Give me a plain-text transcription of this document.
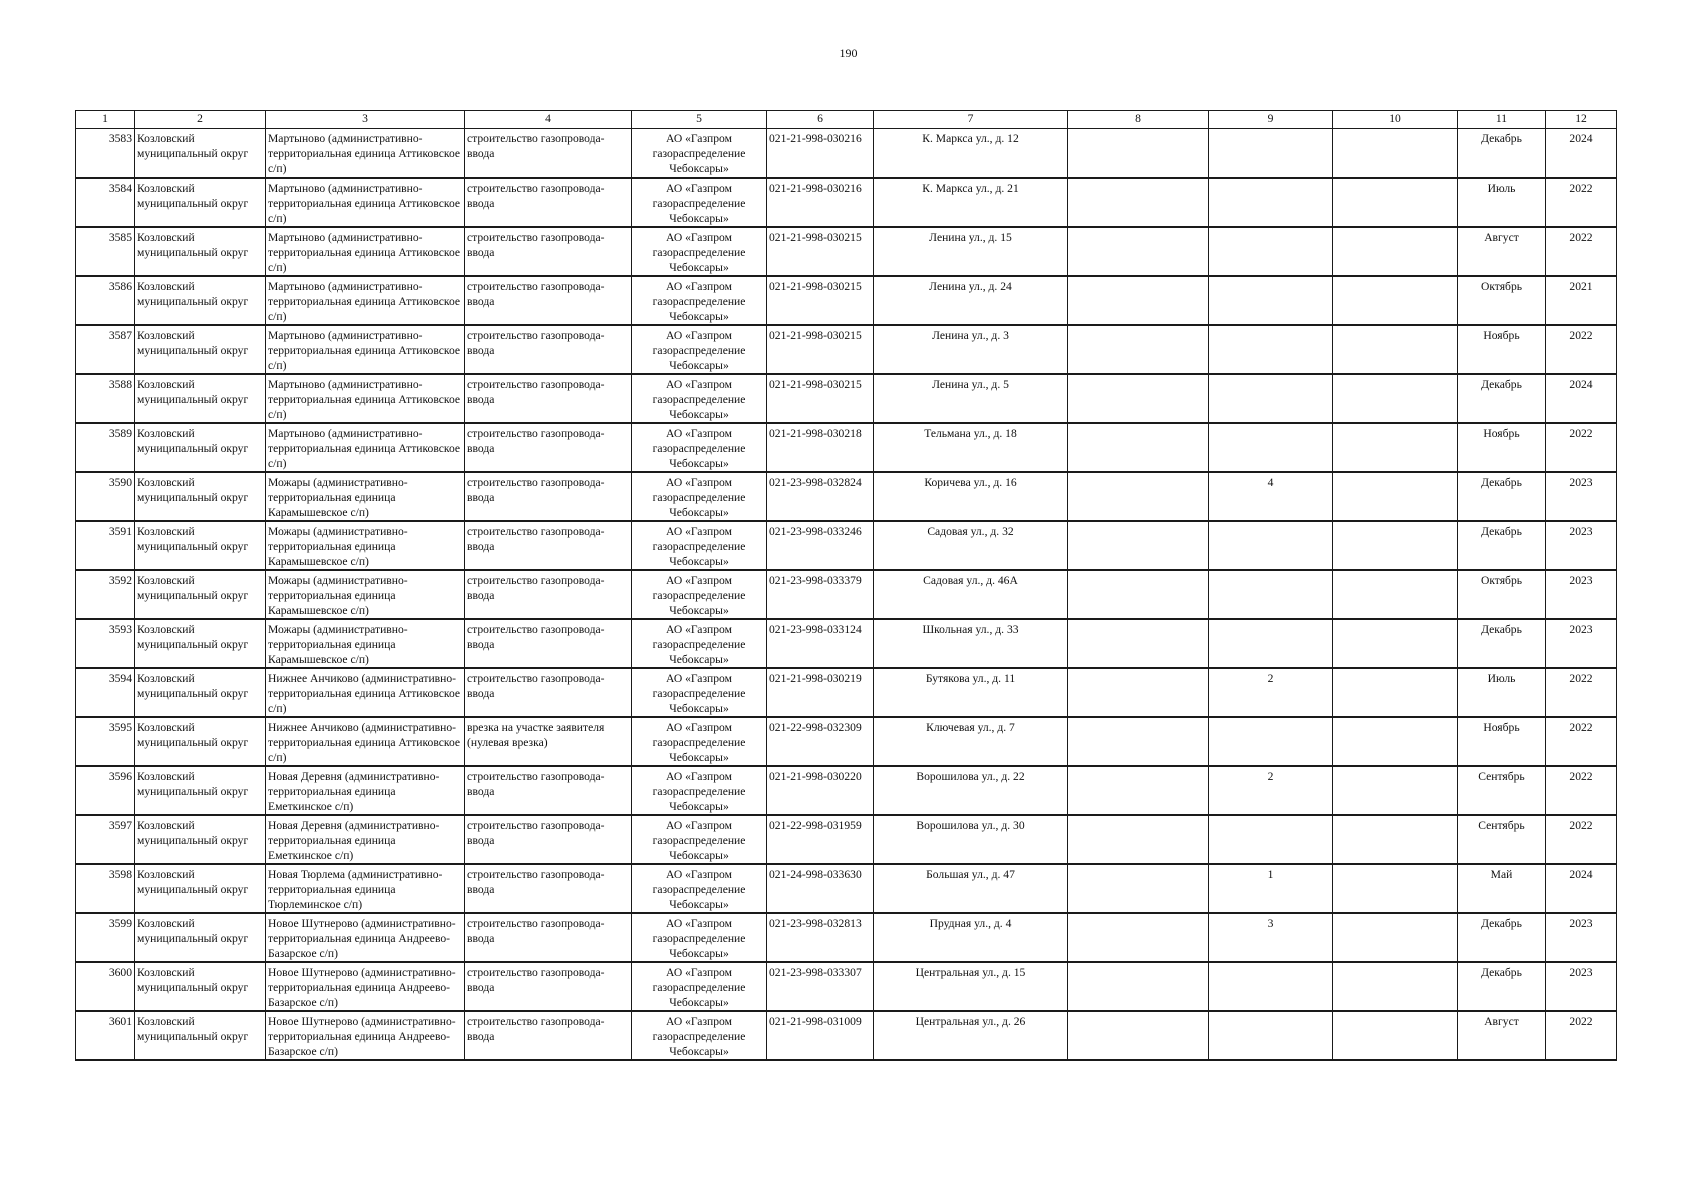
190
1	2	3	4	5	6	7	8	9	10	11	12
3583	Козловский муниципальный округ	Мартыново (административно-территориальная единица Аттиковское с/п)	строительство газопровода-ввода	АО «Газпром газораспределение Чебоксары»	021-21-998-030216	К. Маркса ул., д. 12				Декабрь	2024
3584	Козловский муниципальный округ	Мартыново (административно-территориальная единица Аттиковское с/п)	строительство газопровода-ввода	АО «Газпром газораспределение Чебоксары»	021-21-998-030216	К. Маркса ул., д. 21				Июль	2022
3585	Козловский муниципальный округ	Мартыново (административно-территориальная единица Аттиковское с/п)	строительство газопровода-ввода	АО «Газпром газораспределение Чебоксары»	021-21-998-030215	Ленина ул., д. 15				Август	2022
3586	Козловский муниципальный округ	Мартыново (административно-территориальная единица Аттиковское с/п)	строительство газопровода-ввода	АО «Газпром газораспределение Чебоксары»	021-21-998-030215	Ленина ул., д. 24				Октябрь	2021
3587	Козловский муниципальный округ	Мартыново (административно-территориальная единица Аттиковское с/п)	строительство газопровода-ввода	АО «Газпром газораспределение Чебоксары»	021-21-998-030215	Ленина ул., д. 3				Ноябрь	2022
3588	Козловский муниципальный округ	Мартыново (административно-территориальная единица Аттиковское с/п)	строительство газопровода-ввода	АО «Газпром газораспределение Чебоксары»	021-21-998-030215	Ленина ул., д. 5				Декабрь	2024
3589	Козловский муниципальный округ	Мартыново (административно-территориальная единица Аттиковское с/п)	строительство газопровода-ввода	АО «Газпром газораспределение Чебоксары»	021-21-998-030218	Тельмана ул., д. 18				Ноябрь	2022
3590	Козловский муниципальный округ	Можары (административно-территориальная единица Карамышевское с/п)	строительство газопровода-ввода	АО «Газпром газораспределение Чебоксары»	021-23-998-032824	Коричева ул., д. 16		4		Декабрь	2023
3591	Козловский муниципальный округ	Можары (административно-территориальная единица Карамышевское с/п)	строительство газопровода-ввода	АО «Газпром газораспределение Чебоксары»	021-23-998-033246	Садовая ул., д. 32				Декабрь	2023
3592	Козловский муниципальный округ	Можары (административно-территориальная единица Карамышевское с/п)	строительство газопровода-ввода	АО «Газпром газораспределение Чебоксары»	021-23-998-033379	Садовая ул., д. 46А				Октябрь	2023
3593	Козловский муниципальный округ	Можары (административно-территориальная единица Карамышевское с/п)	строительство газопровода-ввода	АО «Газпром газораспределение Чебоксары»	021-23-998-033124	Школьная ул., д. 33				Декабрь	2023
3594	Козловский муниципальный округ	Нижнее Анчиково (административно-территориальная единица Аттиковское с/п)	строительство газопровода-ввода	АО «Газпром газораспределение Чебоксары»	021-21-998-030219	Бутякова ул., д. 11		2		Июль	2022
3595	Козловский муниципальный округ	Нижнее Анчиково (административно-территориальная единица Аттиковское с/п)	врезка на участке заявителя (нулевая врезка)	АО «Газпром газораспределение Чебоксары»	021-22-998-032309	Ключевая ул., д. 7				Ноябрь	2022
3596	Козловский муниципальный округ	Новая Деревня (административно-территориальная единица Еметкинское с/п)	строительство газопровода-ввода	АО «Газпром газораспределение Чебоксары»	021-21-998-030220	Ворошилова ул., д. 22		2		Сентябрь	2022
3597	Козловский муниципальный округ	Новая Деревня (административно-территориальная единица Еметкинское с/п)	строительство газопровода-ввода	АО «Газпром газораспределение Чебоксары»	021-22-998-031959	Ворошилова ул., д. 30				Сентябрь	2022
3598	Козловский муниципальный округ	Новая Тюрлема (административно-территориальная единица Тюрлеминское с/п)	строительство газопровода-ввода	АО «Газпром газораспределение Чебоксары»	021-24-998-033630	Большая ул., д. 47		1		Май	2024
3599	Козловский муниципальный округ	Новое Шутнерово (административно-территориальная единица Андреево-Базарское с/п)	строительство газопровода-ввода	АО «Газпром газораспределение Чебоксары»	021-23-998-032813	Прудная ул., д. 4		3		Декабрь	2023
3600	Козловский муниципальный округ	Новое Шутнерово (административно-территориальная единица Андреево-Базарское с/п)	строительство газопровода-ввода	АО «Газпром газораспределение Чебоксары»	021-23-998-033307	Центральная ул., д. 15				Декабрь	2023
3601	Козловский муниципальный округ	Новое Шутнерово (административно-территориальная единица Андреево-Базарское с/п)	строительство газопровода-ввода	АО «Газпром газораспределение Чебоксары»	021-21-998-031009	Центральная ул., д. 26				Август	2022
